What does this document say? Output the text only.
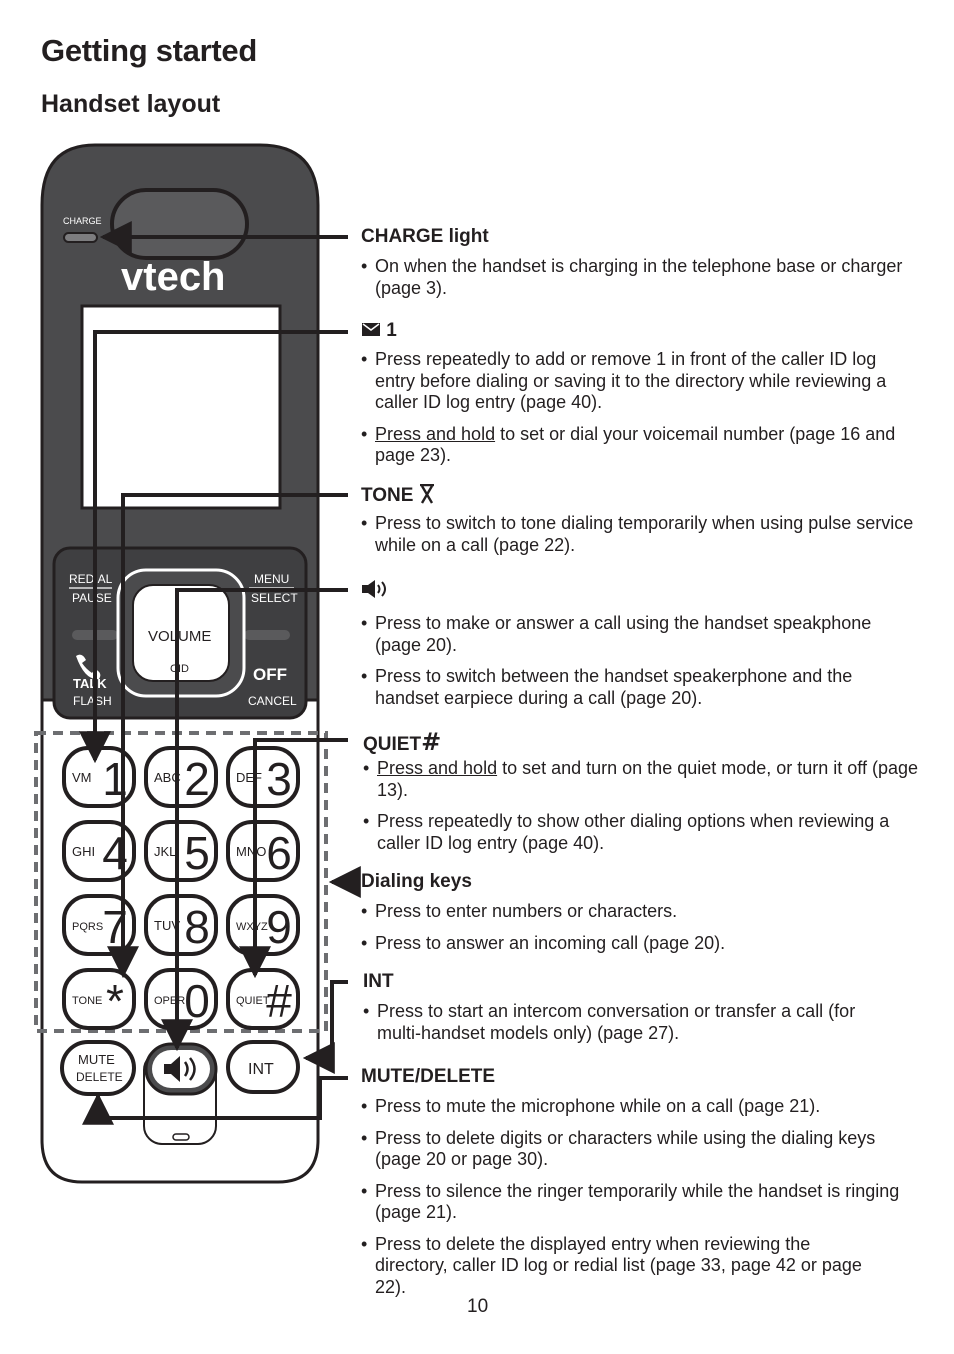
Getting started
Handset layout
CHARGE
vtech
REDIAL
PAUSE
MENU
SELECT
VOLUME
CID
TALK
FLASH
OFF
CANCEL
VM 1 ABC 2 DEF 3
GHI 4 JKL 5 MNO 6
PQRS 7 TUV 8 WXYZ
9
TONE *	OPER 0 QUIET
#
MUTE
DELETE	INT
CHARGE light
• On when the handset is charging in the telephone base or charger (page 3).
1
• Press repeatedly to add or remove 1 in front of the caller ID log entry before dialing or saving it to the directory while reviewing a caller ID log entry (page 40).
• Press and hold to set or dial your voicemail number (page 16 and page 23).
TONE
• Press to switch to tone dialing temporarily when using pulse service while on a call (page 22).
• Press to make or answer a call using the handset speakphone (page 20).
• Press to switch between the handset speakerphone and the handset earpiece during a call (page 20).
QUIET#
• Press and hold to set and turn on the quiet mode, or turn it off (page 13).
• Press repeatedly to show other dialing options when reviewing a caller ID log entry (page 40).
Dialing keys
• Press to enter numbers or characters.
• Press to answer an incoming call (page 20).
INT
• Press to start an intercom conversation or transfer a call (for multi-handset models only) (page 27).
MUTE/DELETE
• Press to mute the microphone while on a call (page 21).
• Press to delete digits or characters while using the dialing keys (page 20 or page 30).
• Press to silence the ringer temporarily while the handset is ringing (page 21).
• Press to delete the displayed entry when reviewing the directory, caller ID log or redial list (page 33, page 42 or page 22).
10
